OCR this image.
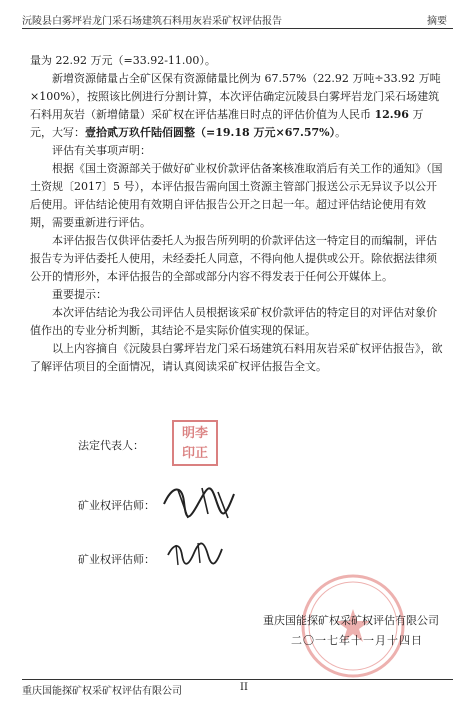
沅陵县白雾坪岩龙门采石场建筑石料用灰岩采矿权评估报告	摘要

量为 22.92 万元（=33.92-11.00）。

新增资源储量占全矿区保有资源储量比例为 67.57%（22.92 万吨÷33.92 万吨×100%），按照该比例进行分割计算，本次评估确定沅陵县白雾坪岩龙门采石场建筑石料用灰岩（新增储量）采矿权在评估基准日时点的评估价值为人民币 12.96 万元，大写：壹拾贰万玖仟陆佰圆整（=19.18 万元×67.57%）。

评估有关事项声明：

根据《国土资源部关于做好矿业权价款评估备案核准取消后有关工作的通知》（国土资规〔2017〕5 号），本评估报告需向国土资源主管部门报送公示无异议予以公开后使用。评估结论使用有效期自评估报告公开之日起一年。超过评估结论使用有效期，需要重新进行评估。

本评估报告仅供评估委托人为报告所列明的价款评估这一特定目的而编制，评估报告专为评估委托人使用，未经委托人同意，不得向他人提供或公开。除依据法律须公开的情形外，本评估报告的全部或部分内容不得发表于任何公开媒体上。

重要提示：

本次评估结论为我公司评估人员根据该采矿权价款评估的特定目的对评估对象价值作出的专业分析判断，其结论不是实际价值实现的保证。

以上内容摘自《沅陵县白雾坪岩龙门采石场建筑石料用灰岩采矿权评估报告》，欲了解评估项目的全面情况，请认真阅读采矿权评估报告全文。

法定代表人：
明李
印正
矿业权评估师：
矿业权评估师：
重庆国能探矿权采矿权评估有限公司
二〇一七年十一月十四日
重庆国能探矿权采矿权评估有限公司	II
